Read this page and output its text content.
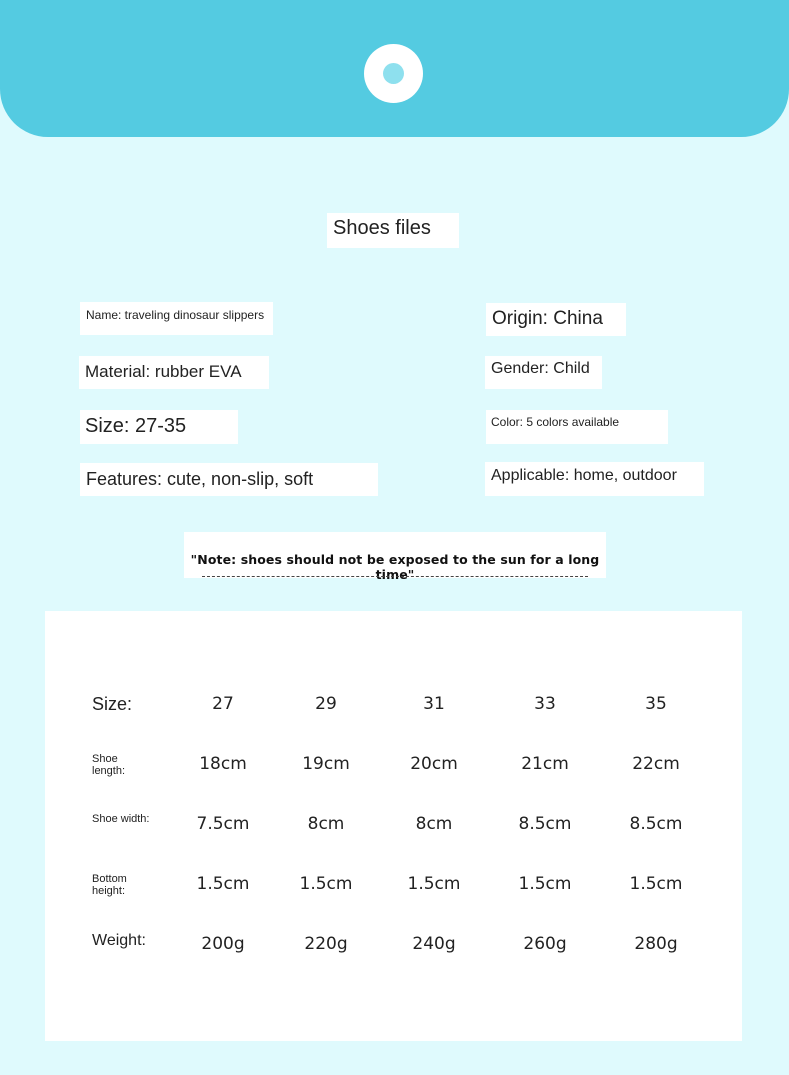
Shoes files
Name: traveling dinosaur slippers
Material: rubber EVA
Size: 27-35
Features: cute, non-slip, soft
Origin: China
Gender: Child
Color: 5 colors available
Applicable: home, outdoor
"Note: shoes should not be exposed to the sun for a long time"
Size:	27	29	31	33	35
Shoe length:	18cm	19cm	20cm	21cm	22cm
Shoe width:	7.5cm	8cm	8cm	8.5cm	8.5cm
Bottom height:	1.5cm	1.5cm	1.5cm	1.5cm	1.5cm
Weight:	200g	220g	240g	260g	280g
